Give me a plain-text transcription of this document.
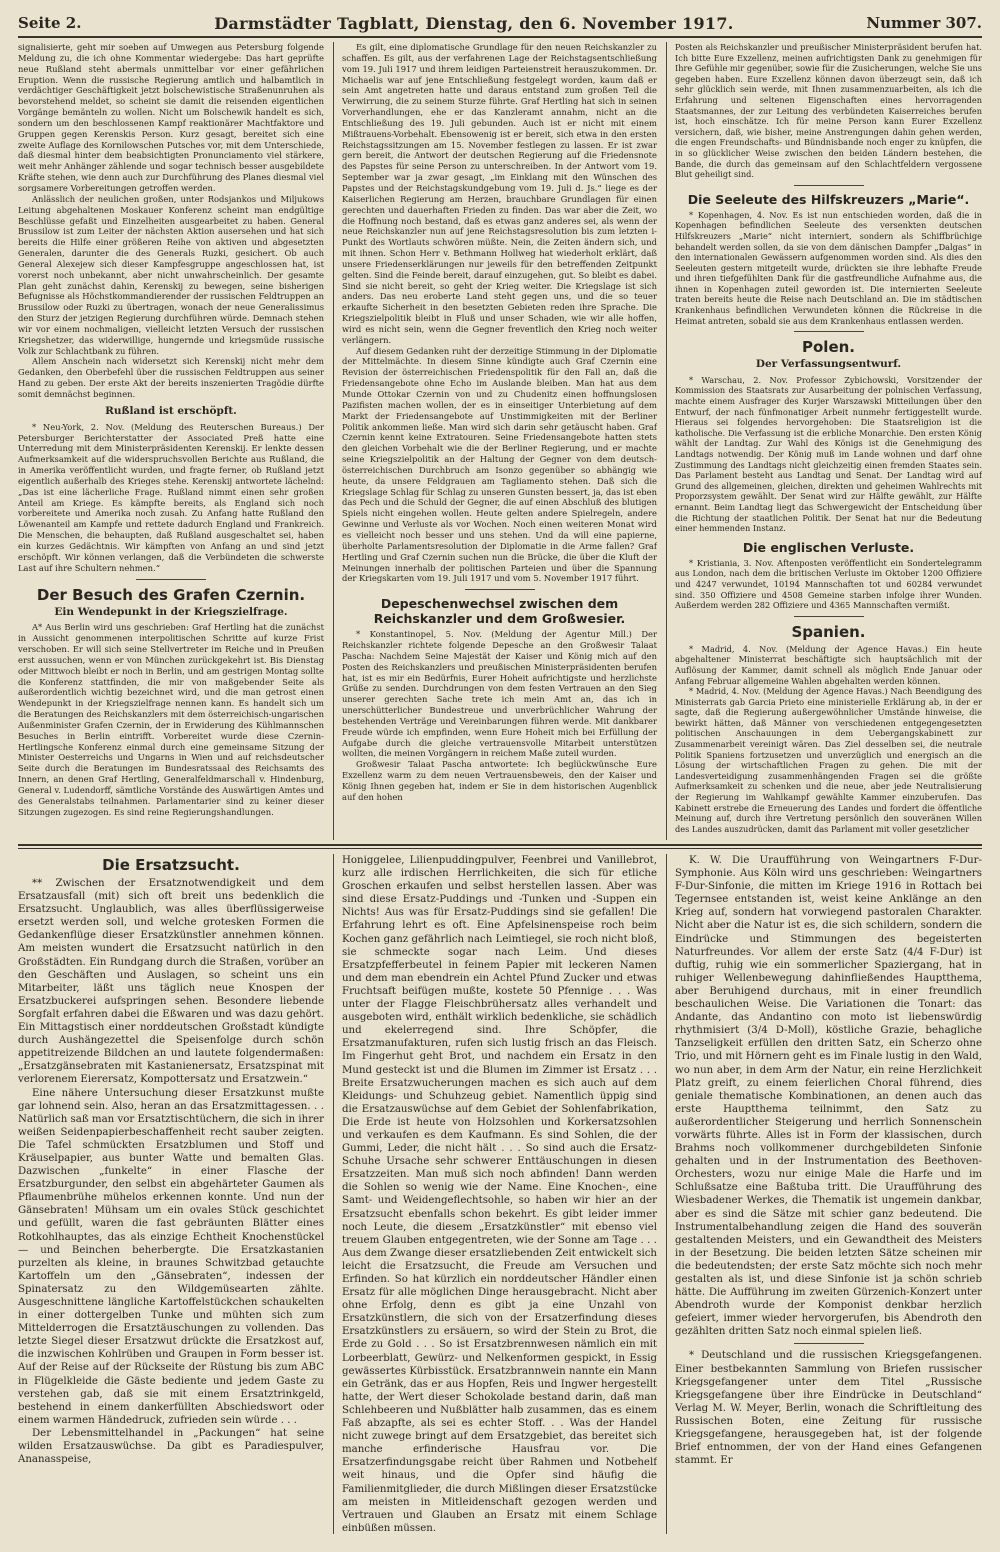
Seite 2.	Darmstädter Tagblatt, Dienstag, den 6. November 1917.	Nummer 307.

signalisierte, geht mir soeben auf Umwegen aus Petersburg folgende Meldung zu, die ich ohne Kommentar wiedergebe: Das hart geprüfte neue Rußland steht abermals unmittelbar vor einer gefährlichen Eruption. Wenn die russische Regierung amtlich und halbamtlich in verdächtiger Geschäftigkeit jetzt bolschewistische Straßenunruhen als bevorstehend meldet, so scheint sie damit die reisenden eigentlichen Vorgänge bemänteln zu wollen. Nicht um Bolschewik handelt es sich, sondern um den beschlossenen Kampf reaktionärer Machtfaktore und Gruppen gegen Kerenskis Person. Kurz gesagt, bereitet sich eine zweite Auflage des Kornilowschen Putsches vor, mit dem Unterschiede, daß diesmal hinter dem beabsichtigten Pronunciamento viel stärkere, weit mehr Anhänger zählende und sogar technisch besser ausgebildete Kräfte stehen, wie denn auch zur Durchführung des Planes diesmal viel sorgsamere Vorbereitungen getroffen werden.

Anlässlich der neulichen großen, unter Rodsjankos und Miljukows Leitung abgehaltenen Moskauer Konferenz scheint man endgültige Beschlüsse gefaßt und Einzelheiten ausgearbeitet zu haben. General Brussilow ist zum Leiter der nächsten Aktion ausersehen und hat sich bereits die Hilfe einer größeren Reihe von aktiven und abgesetzten Generalen, darunter die des Generals Ruzki, gesichert. Ob auch General Alexejew sich dieser Kampfesgruppe angeschlossen hat, ist vorerst noch unbekannt, aber nicht unwahrscheinlich. Der gesamte Plan geht zunächst dahin, Kerenskij zu bewegen, seine bisherigen Befugnisse als Höchstkommandierender der russischen Feldtruppen an Brussilow oder Ruzki zu übertragen, wonach der neue Generalissimus den Sturz der jetzigen Regierung durchführen würde. Demnach stehen wir vor einem nochmaligen, vielleicht letzten Versuch der russischen Kriegshetzer, das widerwillige, hungernde und kriegsmüde russische Volk zur Schlachtbank zu führen.

Allem Anschein nach widersetzt sich Kerenskij nicht mehr dem Gedanken, den Oberbefehl über die russischen Feldtruppen aus seiner Hand zu geben. Der erste Akt der bereits inszenierten Tragödie dürfte somit demnächst beginnen.

Rußland ist erschöpft.

* Neu-York, 2. Nov. (Meldung des Reuterschen Bureaus.) Der Petersburger Berichterstatter der Associated Preß hatte eine Unterredung mit dem Ministerpräsidenten Kerenskij. Er lenkte dessen Aufmerksamkeit auf die widerspruchsvollen Berichte aus Rußland, die in Amerika veröffentlicht wurden, und fragte ferner, ob Rußland jetzt eigentlich außerhalb des Krieges stehe. Kerenskij antwortete lächelnd: „Das ist eine lächerliche Frage. Rußland nimmt einen sehr großen Anteil am Kriege. Es kämpfte bereits, als England sich noch vorbereitete und Amerika noch zusah. Zu Anfang hatte Rußland den Löwenanteil am Kampfe und rettete dadurch England und Frankreich. Die Menschen, die behaupten, daß Rußland ausgeschaltet sei, haben ein kurzes Gedächtnis. Wir kämpften von Anfang an und sind jetzt erschöpft. Wir können verlangen, daß die Verbündeten die schwerste Last auf ihre Schultern nehmen.“

Der Besuch des Grafen Czernin.
Ein Wendepunkt in der Kriegszielfrage.

A* Aus Berlin wird uns geschrieben: Graf Hertling hat die zunächst in Aussicht genommenen interpolitischen Schritte auf kurze Frist verschoben. Er will sich seine Stellvertreter im Reiche und in Preußen erst aussuchen, wenn er von München zurückgekehrt ist. Bis Dienstag oder Mittwoch bleibt er noch in Berlin, und am gestrigen Montag sollte die Konferenz stattfinden, die mir von maßgebender Seite als außerordentlich wichtig bezeichnet wird, und die man getrost einen Wendepunkt in der Kriegszielfrage nennen kann. Es handelt sich um die Beratungen des Reichskanzlers mit dem österreichisch-ungarischen Außenminister Grafen Czernin, der in Erwiderung des Kühlmannschen Besuches in Berlin eintrifft. Vorbereitet wurde diese Czernin-Hertlingsche Konferenz einmal durch eine gemeinsame Sitzung der Minister Oesterreichs und Ungarns in Wien und auf reichsdeutscher Seite durch die Beratungen im Bundesratssaal des Reichsamts des Innern, an denen Graf Hertling, Generalfeldmarschall v. Hindenburg, General v. Ludendorff, sämtliche Vorstände des Auswärtigen Amtes und des Generalstabs teilnahmen. Parlamentarier sind zu keiner dieser Sitzungen zugezogen. Es sind reine Regierungshandlungen.

Es gilt, eine diplomatische Grundlage für den neuen Reichskanzler zu schaffen. Es gilt, aus der verfahrenen Lage der Reichstagsentschließung vom 19. Juli 1917 und ihrem leidigen Parteienstreit herauszukommen. Dr. Michaelis war auf jene Entschließung festgelegt worden, kaum daß er sein Amt angetreten hatte und daraus entstand zum großen Teil die Verwirrung, die zu seinem Sturze führte. Graf Hertling hat sich in seinen Vorverhandlungen, ehe er das Kanzleramt annahm, nicht an die Entschließung des 19. Juli gebunden. Auch ist er nicht mit einem Mißtrauens-Vorbehalt. Ebensowenig ist er bereit, sich etwa in den ersten Reichstagssitzungen am 15. November festlegen zu lassen. Er ist zwar gern bereit, die Antwort der deutschen Regierung auf die Friedensnote des Papstes für seine Person zu unterschreiben. In der Antwort vom 19. September war ja zwar gesagt, „im Einklang mit den Wünschen des Papstes und der Reichstagskundgebung vom 19. Juli d. Js.“ liege es der Kaiserlichen Regierung am Herzen, brauchbare Grundlagen für einen gerechten und dauerhaften Frieden zu finden. Das war aber die Zeit, wo die Hoffnung noch bestand, daß es etwas ganz anderes sei, als wenn der neue Reichskanzler nun auf jene Reichstagsresolution bis zum letzten i-Punkt des Wortlauts schwören müßte. Nein, die Zeiten ändern sich, und mit ihnen. Schon Herr v. Bethmann Hollweg hat wiederholt erklärt, daß unsere Friedenserklärungen nur jeweils für den betreffenden Zeitpunkt gelten. Sind die Feinde bereit, darauf einzugehen, gut. So bleibt es dabei. Sind sie nicht bereit, so geht der Krieg weiter. Die Kriegslage ist sich anders. Das neu eroberte Land steht gegen uns, und die so teuer erkaufte Sicherheit in den besetzten Gebieten reden ihre Sprache. Die Kriegszielpolitik bleibt in Fluß und unser Schaden, wie wir alle hoffen, wird es nicht sein, wenn die Gegner freventlich den Krieg noch weiter verlängern.

Auf diesem Gedanken ruht der derzeitige Stimmung in der Diplomatie der Mittelmächte. In diesem Sinne kündigte auch Graf Czernin eine Revision der österreichischen Friedenspolitik für den Fall an, daß die Friedensangebote ohne Echo im Auslande bleiben. Man hat aus dem Munde Ottokar Czernin von und zu Chudenitz einen hoffnungslosen Pazifisten machen wollen, der es in einseitiger Unterbietung auf dem Markt der Friedensangebote auf Unstimmigkeiten mit der Berliner Politik ankommen ließe. Man wird sich darin sehr getäuscht haben. Graf Czernin kennt keine Extratouren. Seine Friedensangebote hatten stets den gleichen Vorbehalt wie die der Berliner Regierung, und er machte seine Kriegszielpolitik an der Haltung der Gegner von dem deutsch-österreichischen Durchbruch am Isonzo gegenüber so abhängig wie heute, da unsere Feldgrauen am Tagliamento stehen. Daß sich die Kriegslage Schlag für Schlag zu unseren Gunsten bessert, ja, das ist eben das Pech und die Schuld der Gegner, die auf einen Abschluß des blutigen Spiels nicht eingehen wollen. Heute gelten andere Spielregeln, andere Gewinne und Verluste als vor Wochen. Noch einen weiteren Monat wird es vielleicht noch besser und uns stehen. Und da will eine papierne, überholte Parlamentsresolution der Diplomatie in die Arme fallen? Graf Hertling und Graf Czernin suchen nun die Brücke, die über die Kluft der Meinungen innerhalb der politischen Parteien und über die Spannung der Kriegskarten vom 19. Juli 1917 und vom 5. November 1917 führt.

Depeschenwechsel zwischen dem Reichskanzler und dem Großwesier.

* Konstantinopel, 5. Nov. (Meldung der Agentur Mill.) Der Reichskanzler richtete folgende Depesche an den Großwesir Talaat Pascha: Nachdem Seine Majestät der Kaiser und König mich auf den Posten des Reichskanzlers und preußischen Ministerpräsidenten berufen hat, ist es mir ein Bedürfnis, Eurer Hoheit aufrichtigste und herzlichste Grüße zu senden. Durchdrungen von dem festen Vertrauen an den Sieg unserer gerechten Sache trete ich mein Amt an, das ich in unerschütterlicher Bundestreue und unverbrüchlicher Wahrung der bestehenden Verträge und Vereinbarungen führen werde. Mit dankbarer Freude würde ich empfinden, wenn Eure Hoheit mich bei Erfüllung der Aufgabe durch die gleiche vertrauensvolle Mitarbeit unterstützen wollten, die meinen Vorgängern in reichem Maße zuteil wurden.

Großwesir Talaat Pascha antwortete: Ich beglückwünsche Eure Exzellenz warm zu dem neuen Vertrauensbeweis, den der Kaiser und König Ihnen gegeben hat, indem er Sie in dem historischen Augenblick auf den hohen

Posten als Reichskanzler und preußischer Ministerpräsident berufen hat. Ich bitte Eure Exzellenz, meinen aufrichtigsten Dank zu genehmigen für Ihre Gefühle mir gegenüber, sowie für die Zusicherungen, welche Sie uns gegeben haben. Eure Exzellenz können davon überzeugt sein, daß ich sehr glücklich sein werde, mit Ihnen zusammenzuarbeiten, als ich die Erfahrung und seltenen Eigenschaften eines hervorragenden Staatsmannes, der zur Leitung des verbündeten Kaiserreiches berufen ist, hoch einschätze. Ich für meine Person kann Eurer Exzellenz versichern, daß, wie bisher, meine Anstrengungen dahin gehen werden, die engen Freundschafts- und Bündnisbande noch enger zu knüpfen, die in so glücklicher Weise zwischen den beiden Ländern bestehen, die Bande, die durch das gemeinsam auf den Schlachtfeldern vergossene Blut geheiligt sind.

Die Seeleute des Hilfskreuzers „Marie“.

* Kopenhagen, 4. Nov. Es ist nun entschieden worden, daß die in Kopenhagen befindlichen Seeleute des versenkten deutschen Hilfskreuzers „Marie“ nicht interniert, sondern als Schiffbrüchige behandelt werden sollen, da sie von dem dänischen Dampfer „Dalgas“ in den internationalen Gewässern aufgenommen worden sind. Als dies den Seeleuten gestern mitgeteilt wurde, drückten sie ihre lebhafte Freude und ihren tiefgefühlten Dank für die gastfreundliche Aufnahme aus, die ihnen in Kopenhagen zuteil geworden ist. Die internierten Seeleute traten bereits heute die Reise nach Deutschland an. Die im städtischen Krankenhaus befindlichen Verwundeten können die Rückreise in die Heimat antreten, sobald sie aus dem Krankenhaus entlassen werden.

Polen.
Der Verfassungsentwurf.

* Warschau, 2. Nov. Professor Zybichowski, Vorsitzender der Kommission des Staatsrats zur Ausarbeitung der polnischen Verfassung, machte einem Ausfrager des Kurjer Warszawski Mitteilungen über den Entwurf, der nach fünfmonatiger Arbeit nunmehr fertiggestellt wurde. Hieraus sei folgendes hervorgehoben: Die Staatsreligion ist die katholische. Die Verfassung ist die erbliche Monarchie. Den ersten König wählt der Landtag. Zur Wahl des Königs ist die Genehmigung des Landtags notwendig. Der König muß im Lande wohnen und darf ohne Zustimmung des Landtags nicht gleichzeitig einen fremden Staates sein. Das Parlament besteht aus Landtag und Senat. Der Landtag wird auf Grund des allgemeinen, gleichen, direkten und geheimen Wahlrechts mit Proporzsystem gewählt. Der Senat wird zur Hälfte gewählt, zur Hälfte ernannt. Beim Landtag liegt das Schwergewicht der Entscheidung über die Richtung der staatlichen Politik. Der Senat hat nur die Bedeutung einer hemmenden Instanz.

Die englischen Verluste.

* Kristiania, 3. Nov. Aftenposten veröffentlicht ein Sondertelegramm aus London, nach dem die britischen Verluste im Oktober 1200 Offiziere und 4247 verwundet, 10194 Mannschaften tot und 60284 verwundet sind. 350 Offiziere und 4508 Gemeine starben infolge ihrer Wunden. Außerdem werden 282 Offiziere und 4365 Mannschaften vermißt.

Spanien.

* Madrid, 4. Nov. (Meldung der Agence Havas.) Ein heute abgehaltener Ministerrat beschäftigte sich hauptsächlich mit der Auflösung der Kammer, damit schnell als möglich Ende Januar oder Anfang Februar allgemeine Wahlen abgehalten werden können.

* Madrid, 4. Nov. (Meldung der Agence Havas.) Nach Beendigung des Ministerrats gab Garcia Prieto eine ministerielle Erklärung ab, in der er sagte, daß die Regierung außergewöhnlicher Umstände hinweise, die bewirkt hätten, daß Männer von verschiedenen entgegengesetzten politischen Anschauungen in dem Uebergangskabinett zur Zusammenarbeit vereinigt wären. Das Ziel desselben sei, die neutrale Politik Spaniens fortzusetzen und unverzüglich und energisch an die Lösung der wirtschaftlichen Fragen zu gehen. Die mit der Landesverteidigung zusammenhängenden Fragen sei die größte Aufmerksamkeit zu schenken und die neue, aber jede Neutralisierung der Regierung im Wahlkampf gewählte Kammer einzuberufen. Das Kabinett erstrebe die Erneuerung des Landes und fordert die öffentliche Meinung auf, durch ihre Vertretung persönlich den souveränen Willen des Landes auszudrücken, damit das Parlament mit voller gesetzlicher

Die Ersatzsucht.

** Zwischen der Ersatznotwendigkeit und dem Ersatzausfall (mit) sich oft breit uns bedenklich die Ersatzsucht. Unglaublich, was alles überflüssigerweise ersetzt werden soll, und welche grotesken Formen die Gedankenflüge dieser Ersatzkünstler annehmen können. Am meisten wundert die Ersatzsucht natürlich in den Großstädten. Ein Rundgang durch die Straßen, vorüber an den Geschäften und Auslagen, so scheint uns ein Mitarbeiter, läßt uns täglich neue Knospen der Ersatzbuckerei aufspringen sehen. Besondere liebende Sorgfalt erfahren dabei die Eßwaren und was dazu gehört. Ein Mittagstisch einer norddeutschen Großstadt kündigte durch Aushängezettel die Speisenfolge durch schön appetitreizende Bildchen an und lautete folgendermaßen: „Ersatzgänsebraten mit Kastanienersatz, Ersatzspinat mit verlorenem Eierersatz, Kompottersatz und Ersatzwein.“

Eine nähere Untersuchung dieser Ersatzkunst mußte gar lohnend sein. Also, heran an das Ersatzmittagessen. . . Natürlich saß man vor Ersatztischtüchern, die sich in ihrer weißen Seidenpapierbeschaffenheit recht sauber zeigten. Die Tafel schmückten Ersatzblumen und Stoff und Kräuselpapier, aus bunter Watte und bemalten Glas. Dazwischen „funkelte“ in einer Flasche der Ersatzburgunder, den selbst ein abgehärteter Gaumen als Pflaumenbrühe mühelos erkennen konnte. Und nun der Gänsebraten! Mühsam um ein ovales Stück geschichtet und gefüllt, waren die fast gebräunten Blätter eines Rotkohlhauptes, das als einzige Echtheit Knochenstückel — und Beinchen beherbergte. Die Ersatzkastanien purzelten als kleine, in braunes Schwitzbad getauchte Kartoffeln um den „Gänsebraten“, indessen der Spinatersatz zu den Wildgemüsearten zählte. Ausgeschnittene längliche Kartoffelstückchen schaukelten in einer dottergelben Tunke und mühten sich zum Mittelderrogen die Ersatztäuschungen zu vollenden. Das letzte Siegel dieser Ersatzwut drückte die Ersatzkost auf, die inzwischen Kohlrüben und Graupen in Form besser ist. Auf der Reise auf der Rückseite der Rüstung bis zum ABC in Flügelkleide die Gäste bediente und jedem Gaste zu verstehen gab, daß sie mit einem Ersatztrinkgeld, bestehend in einem dankerfüllten Abschiedswort oder einem warmen Händedruck, zufrieden sein würde . . .

Der Lebensmittelhandel in „Packungen“ hat seine wilden Ersatzauswüchse. Da gibt es Paradiespulver, Ananasspeise,

Honiggelee, Lilienpuddingpulver, Feenbrei und Vanillebrot, kurz alle irdischen Herrlichkeiten, die sich für etliche Groschen erkaufen und selbst herstellen lassen. Aber was sind diese Ersatz-Puddings und -Tunken und -Suppen ein Nichts! Aus was für Ersatz-Puddings sind sie gefallen! Die Erfahrung lehrt es oft. Eine Apfelsinenspeise roch beim Kochen ganz gefährlich nach Leimtiegel, sie roch nicht bloß, sie schmeckte sogar nach Leim. Und dieses Ersatzpfefferbeutel in feinem Papier mit leckeren Namen und dem man ebendrein ein Achtel Pfund Zucker und etwas Fruchtsaft beifügen mußte, kostete 50 Pfennige . . . Was unter der Flagge Fleischbrühersatz alles verhandelt und ausgeboten wird, enthält wirklich bedenkliche, sie schädlich und ekelerregend sind. Ihre Schöpfer, die Ersatzmanufakturen, rufen sich lustig frisch an das Fleisch. Im Fingerhut geht Brot, und nachdem ein Ersatz in den Mund gesteckt ist und die Blumen im Zimmer ist Ersatz . . . Breite Ersatzwucherungen machen es sich auch auf dem Kleidungs- und Schuhzeug gebiet. Namentlich üppig sind die Ersatzauswüchse auf dem Gebiet der Sohlenfabrikation, Die Erde ist heute von Holzsohlen und Korkersatzsohlen und verkaufen es dem Kaufmann. Es sind Sohlen, die der Gummi, Leder, die nicht hält . . . So sind auch die Ersatz-Schuhe Ursache sehr schwerer Enttäuschungen in diesen Ersatzzeiten. Man muß sich noch abfinden! Dann werden die Sohlen so wenig wie der Name. Eine Knochen-, eine Samt- und Weidengeflechtsohle, so haben wir hier an der Ersatzsucht ebenfalls schon bekehrt. Es gibt leider immer noch Leute, die diesem „Ersatzkünstler“ mit ebenso viel treuem Glauben entgegentreten, wie der Sonne am Tage . . . Aus dem Zwange dieser ersatzliebenden Zeit entwickelt sich leicht die Ersatzsucht, die Freude am Versuchen und Erfinden. So hat kürzlich ein norddeutscher Händler einen Ersatz für alle möglichen Dinge herausgebracht. Nicht aber ohne Erfolg, denn es gibt ja eine Unzahl von Ersatzkünstlern, die sich von der Ersatzerfindung dieses Ersatzkünstlers zu ersäuern, so wird der Stein zu Brot, die Erde zu Gold . . . So ist Ersatzbrennwesen nämlich ein mit Lorbeerblatt, Gewürz- und Nelkenformen gespickt, in Essig gewässertes Kürbisstück. Ersatzbrannwein nannte ein Mann ein Getränk, das er aus Hopfen, Reis und Ingwer hergestellt hatte, der Wert dieser Schokolade bestand darin, daß man Schlehbeeren und Nußblätter halb zusammen, das es einem Faß abzapfte, als sei es echter Stoff. . . Was der Handel nicht zuwege bringt auf dem Ersatzgebiet, das bereitet sich manche erfinderische Hausfrau vor. Die Ersatzerfindungsgabe reicht über Rahmen und Notbehelf weit hinaus, und die Opfer sind häufig die Familienmitglieder, die durch Mißlingen dieser Ersatzstücke am meisten in Mitleidenschaft gezogen werden und Vertrauen und Glauben an Ersatz mit einem Schlage einbüßen müssen.

K. W. Die Uraufführung von Weingartners F-Dur-Symphonie. Aus Köln wird uns geschrieben: Weingartners F-Dur-Sinfonie, die mitten im Kriege 1916 in Rottach bei Tegernsee entstanden ist, weist keine Anklänge an den Krieg auf, sondern hat vorwiegend pastoralen Charakter. Nicht aber die Natur ist es, die sich schildern, sondern die Eindrücke und Stimmungen des begeisterten Naturfreundes. Vor allem der erste Satz (4/4 F-Dur) ist duftig, ruhig wie ein sommerlicher Spaziergang, hat in ruhiger Wellenbewegung dahinfließendes Hauptthema, aber Beruhigend durchaus, mit in einer freundlich beschaulichen Weise. Die Variationen die Tonart: das Andante, das Andantino con moto ist liebenswürdig rhythmisiert (3/4 D-Moll), köstliche Grazie, behagliche Tanzseligkeit erfüllen den dritten Satz, ein Scherzo ohne Trio, und mit Hörnern geht es im Finale lustig in den Wald, wo nun aber, in dem Arm der Natur, ein reine Herzlichkeit Platz greift, zu einem feierlichen Choral führend, dies geniale thematische Kombinationen, an denen auch das erste Hauptthema teilnimmt, den Satz zu außerordentlicher Steigerung und herrlich Sonnenschein vorwärts führte. Alles ist in Form der klassischen, durch Brahms noch vollkommener durchgebildeten Sinfonie gehalten und in der Instrumentation des Beethoven-Orchesters, wozu nur einige Male die Harfe und im Schlußsatze eine Baßtuba tritt. Die Uraufführung des Wiesbadener Werkes, die Thematik ist ungemein dankbar, aber es sind die Sätze mit schier ganz bedeutend. Die Instrumentalbehandlung zeigen die Hand des souverän gestaltenden Meisters, und ein Gewandtheit des Meisters in der Besetzung. Die beiden letzten Sätze scheinen mir die bedeutendsten; der erste Satz möchte sich noch mehr gestalten als ist, und diese Sinfonie ist ja schön schrieb hätte. Die Aufführung im zweiten Gürzenich-Konzert unter Abendroth wurde der Komponist denkbar herzlich gefeiert, immer wieder hervorgerufen, bis Abendroth den gezählten dritten Satz noch einmal spielen ließ.

* Deutschland und die russischen Kriegsgefangenen. Einer bestbekannten Sammlung von Briefen russischer Kriegsgefangener unter dem Titel „Russische Kriegsgefangene über ihre Eindrücke in Deutschland“ Verlag M. W. Meyer, Berlin, wonach die Schriftleitung des Russischen Boten, eine Zeitung für russische Kriegsgefangene, herausgegeben hat, ist der folgende Brief entnommen, der von der Hand eines Gefangenen stammt. Er
